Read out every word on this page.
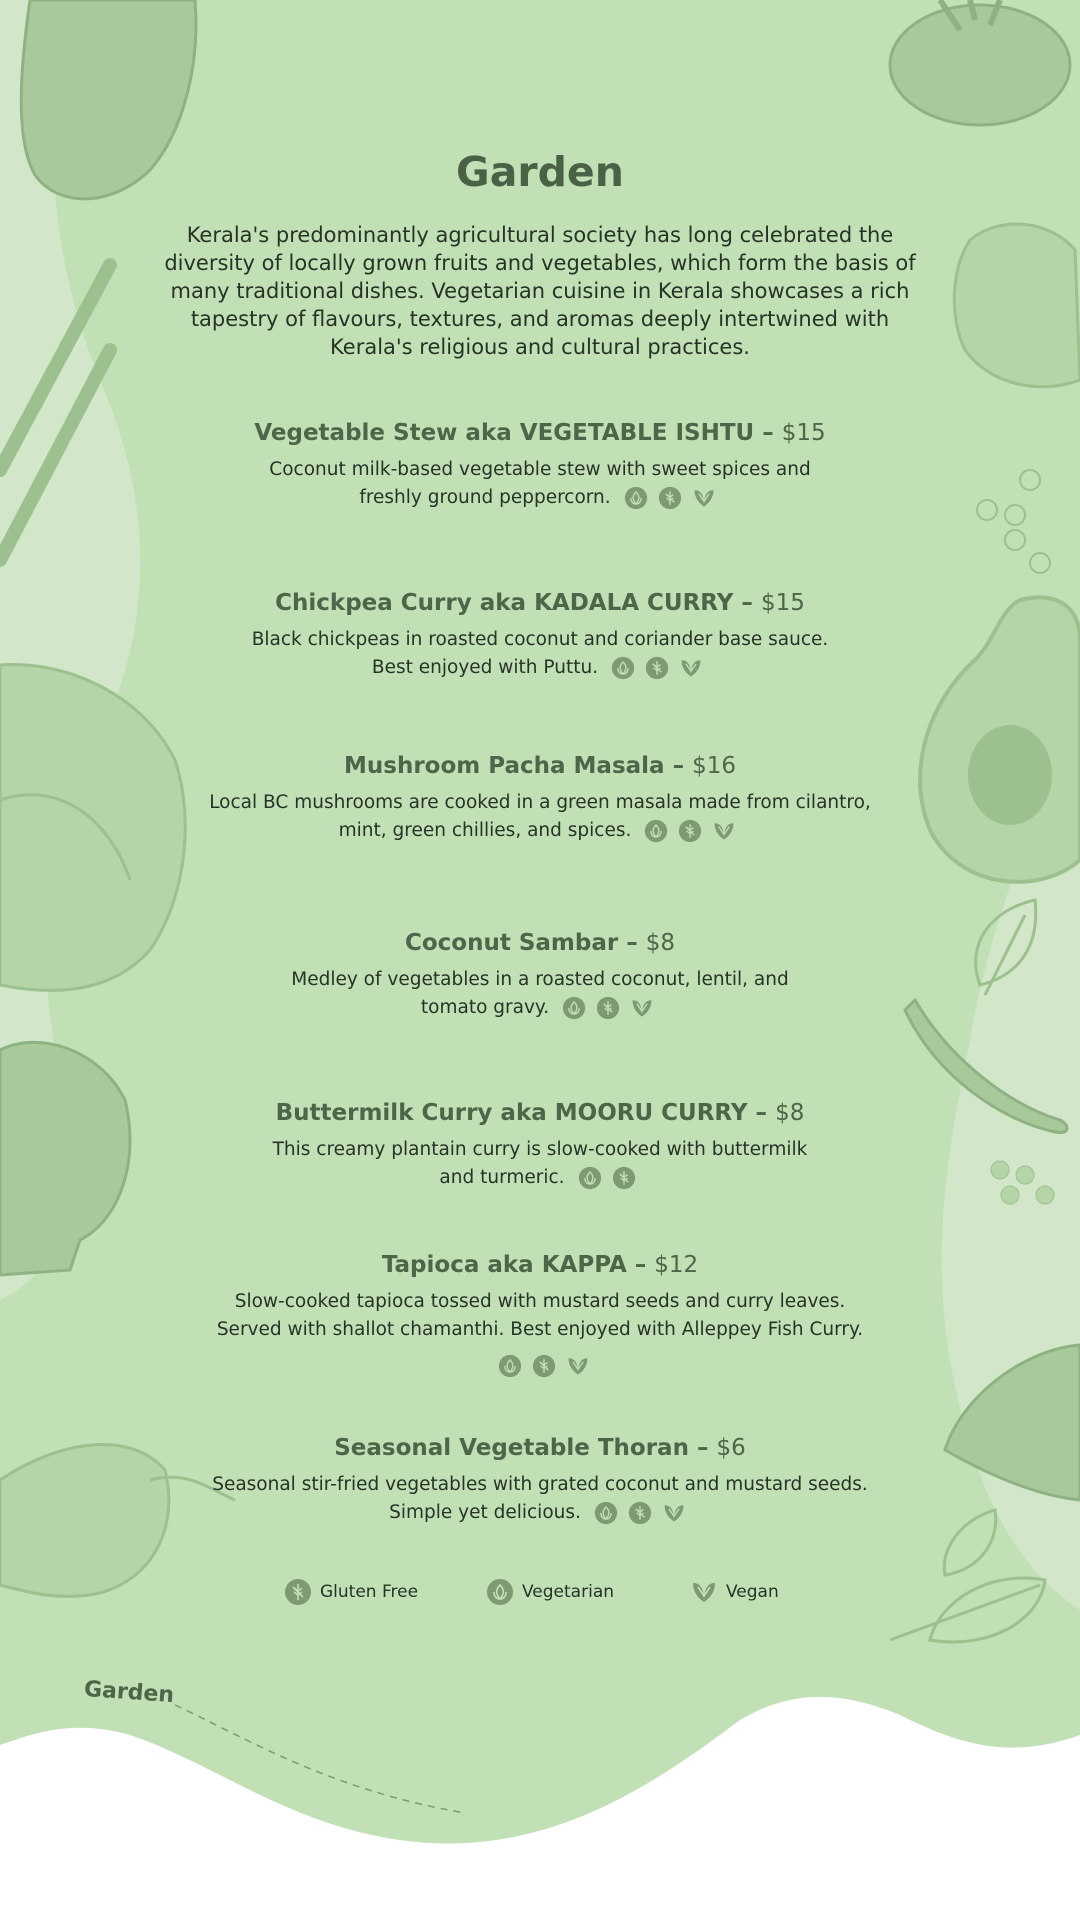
Garden

Kerala's predominantly agricultural society has long celebrated the diversity of locally grown fruits and vegetables, which form the basis of many traditional dishes. Vegetarian cuisine in Kerala showcases a rich tapestry of flavours, textures, and aromas deeply intertwined with Kerala's religious and cultural practices.

Vegetable Stew aka VEGETABLE ISHTU – $15
Coconut milk-based vegetable stew with sweet spices and
freshly ground peppercorn.
Chickpea Curry aka KADALA CURRY – $15
Black chickpeas in roasted coconut and coriander base sauce.
Best enjoyed with Puttu.
Mushroom Pacha Masala – $16
Local BC mushrooms are cooked in a green masala made from cilantro,
mint, green chillies, and spices.
Coconut Sambar – $8
Medley of vegetables in a roasted coconut, lentil, and
tomato gravy.
Buttermilk Curry aka MOORU CURRY – $8
This creamy plantain curry is slow-cooked with buttermilk
and turmeric.
Tapioca aka KAPPA – $12
Slow-cooked tapioca tossed with mustard seeds and curry leaves.
Served with shallot chamanthi. Best enjoyed with Alleppey Fish Curry.
Seasonal Vegetable Thoran – $6
Seasonal stir-fried vegetables with grated coconut and mustard seeds.
Simple yet delicious.
Gluten Free	Vegetarian	Vegan
Garden
